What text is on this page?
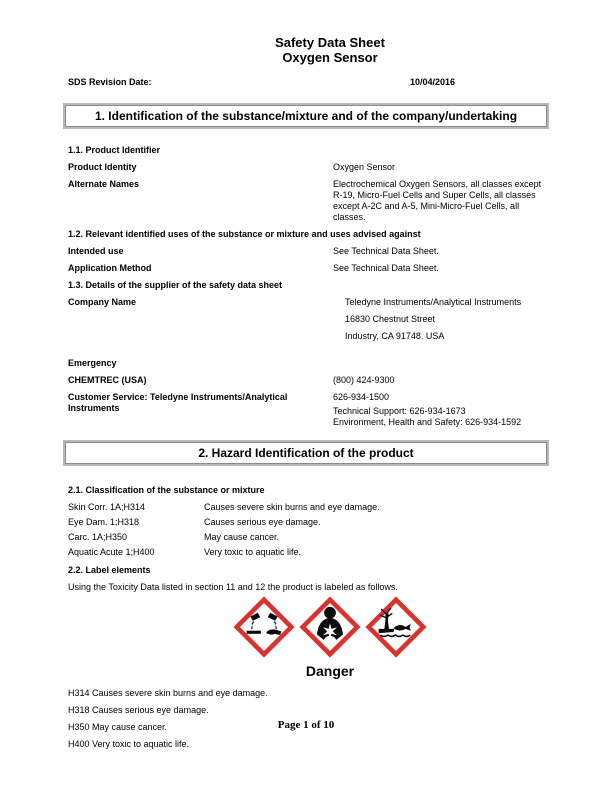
Safety Data Sheet
Oxygen Sensor
SDS Revision Date:	10/04/2016
1. Identification of the substance/mixture and of the company/undertaking
1.1. Product Identifier
Product Identity	Oxygen Sensor
Alternate Names	Electrochemical Oxygen Sensors, all classes except R-19, Micro-Fuel Cells and Super Cells, all classes except A-2C and A-5, Mini-Micro-Fuel Cells, all classes.
1.2. Relevant identified uses of the substance or mixture and uses advised against
Intended use	See Technical Data Sheet.
Application Method	See Technical Data Sheet.
1.3. Details of the supplier of the safety data sheet
Company Name	Teledyne Instruments/Analytical Instruments
16830 Chestnut Street
Industry, CA 91748. USA
Emergency
CHEMTREC (USA)	(800) 424-9300
Customer Service: Teledyne Instruments/Analytical Instruments
626-934-1500
Technical Support: 626-934-1673
Environment, Health and Safety: 626-934-1592
2. Hazard Identification of the product
2.1. Classification of the substance or mixture
Skin Corr. 1A;H314	Causes severe skin burns and eye damage.
Eye Dam. 1;H318	Causes serious eye damage.
Carc. 1A;H350	May cause cancer.
Aquatic Acute 1;H400	Very toxic to aquatic life.
2.2. Label elements
Using the Toxicity Data listed in section 11 and 12 the product is labeled as follows.
Danger
H314 Causes severe skin burns and eye damage.
H318 Causes serious eye damage.
H350 May cause cancer.
H400 Very toxic to aquatic life.
Page 1 of 10
